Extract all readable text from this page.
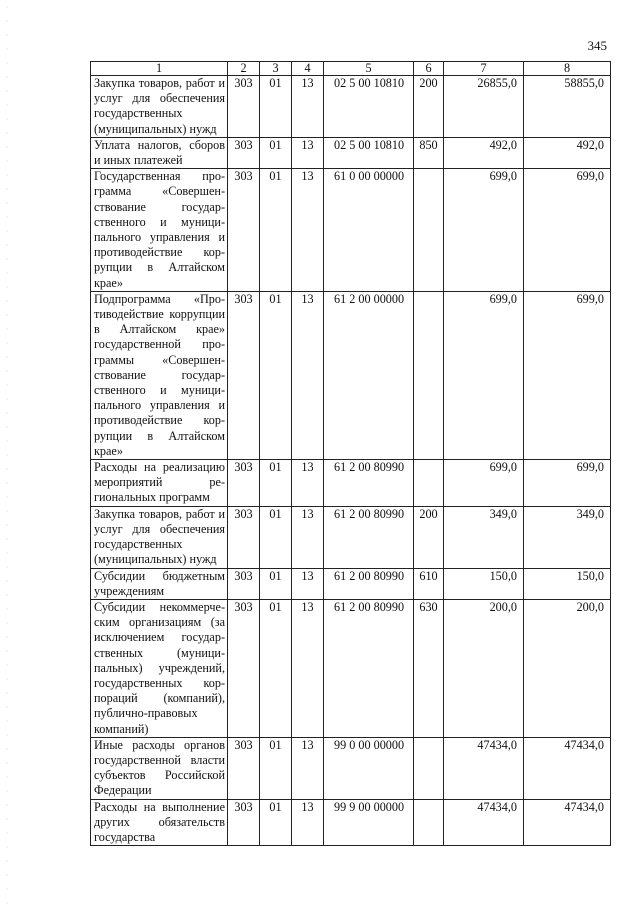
345
1	2	3	4	5	6	7	8
Закупка товаров, работ и услуг для обеспечения государственных (муниципальных) нужд	303	01	13	02 5 00 10810	200	26855,0	58855,0
Уплата налогов, сборов и иных платежей	303	01	13	02 5 00 10810	850	492,0	492,0
Государственная программа «Совершенствование государственного и муниципального управления и противодействие коррупции в Алтайском крае»	303	01	13	61 0 00 00000		699,0	699,0
Подпрограмма «Противодействие коррупции в Алтайском крае» государственной программы «Совершенствование государственного и муниципального управления и противодействие коррупции в Алтайском крае»	303	01	13	61 2 00 00000		699,0	699,0
Расходы на реализацию мероприятий региональных программ	303	01	13	61 2 00 80990		699,0	699,0
Закупка товаров, работ и услуг для обеспечения государственных (муниципальных) нужд	303	01	13	61 2 00 80990	200	349,0	349,0
Субсидии бюджетным учреждениям	303	01	13	61 2 00 80990	610	150,0	150,0
Субсидии некоммерческим организациям (за исключением государственных (муниципальных) учреждений, государственных корпораций (компаний), публично-правовых компаний)	303	01	13	61 2 00 80990	630	200,0	200,0
Иные расходы органов государственной власти субъектов Российской Федерации	303	01	13	99 0 00 00000		47434,0	47434,0
Расходы на выполнение других обязательств государства	303	01	13	99 9 00 00000		47434,0	47434,0
